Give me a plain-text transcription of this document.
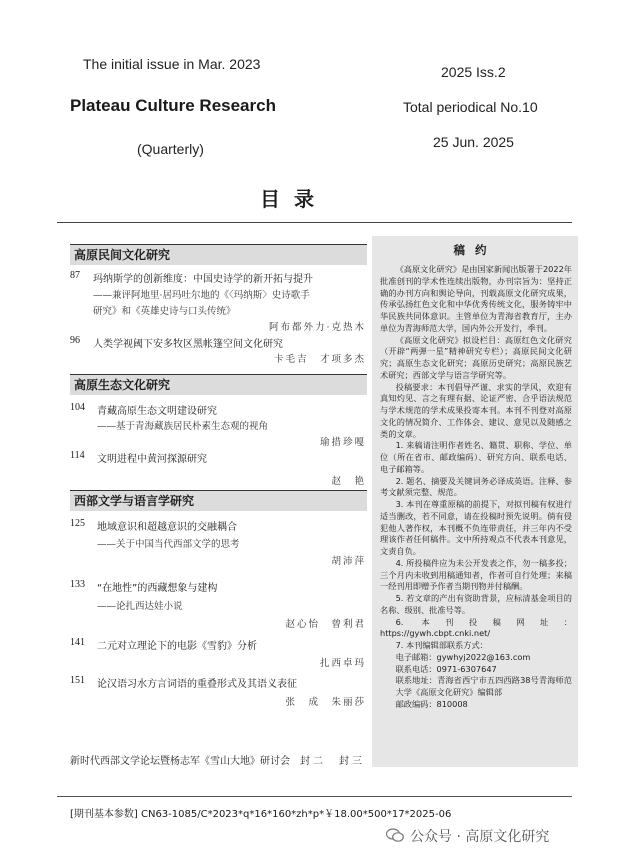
The initial issue in Mar. 2023
Plateau Culture Research
(Quarterly)
2025 Iss.2
Total periodical No.10
25 Jun. 2025
目录
高原民间文化研究
87 玛纳斯学的创新维度：中国史诗学的新开拓与提升
——兼评阿地里·居玛吐尔地的《〈玛纳斯〉史诗歌手
研究》和《英雄史诗与口头传统》
阿布都外力·克热木
96 人类学视阈下安多牧区黑帐篷空间文化研究
卡毛吉　才项多杰
高原生态文化研究
104 青藏高原生态文明建设研究
——基于青海藏族居民朴素生态观的视角
瑜措珍嘎
114 文明进程中黄河探源研究
赵　艳
西部文学与语言学研究
125 地域意识和超越意识的交融耦合
——关于中国当代西部文学的思考
胡沛萍
133 “在地性”的西藏想象与建构
——论扎西达娃小说
赵心怡　曾利君
141 二元对立理论下的电影《雪豹》分析
扎西卓玛
151 论汉语习水方言词语的重叠形式及其语义表征
张　成　朱丽莎
新时代西部文学论坛暨杨志军《雪山大地》研讨会 封二　封三
稿约

《高原文化研究》是由国家新闻出版署于2022年批准创刊的学术性连续出版物，办刊宗旨为：坚持正确的办刊方向和舆论导向，刊载高原文化研究成果，传承弘扬红色文化和中华优秀传统文化，服务铸牢中华民族共同体意识。主管单位为青海省教育厅，主办单位为青海师范大学，国内外公开发行，季刊。

《高原文化研究》拟设栏目：高原红色文化研究（开辟“两弹一星”精神研究专栏）；高原民间文化研究；高原生态文化研究；高原历史研究；高原民族艺术研究；西部文学与语言学研究等。

投稿要求：本刊倡导严谨、求实的学风，欢迎有真知灼见、言之有理有据、论证严密、合乎语法规范与学术规范的学术成果投寄本刊。本刊不刊登对高原文化的情况简介、工作体会、建议、意见以及随感之类的文章。

1. 来稿请注明作者姓名、籍贯、职称、学位、单位（所在省市、邮政编码）、研究方向、联系电话、电子邮箱等。

2. 题名、摘要及关键词务必译成英语。注释、参考文献须完整、规范。

3. 本刊在尊重原稿的前提下，对拟刊稿有权进行适当删改，若不同意，请在投稿时预先说明。倘有侵犯他人著作权，本刊概不负连带责任，并三年内不受理该作者任何稿件。文中所持观点不代表本刊意见，文责自负。

4. 所投稿件应为未公开发表之作，勿一稿多投；三个月内未收到用稿通知者，作者可自行处理；来稿一经刊用即赠予作者当期刊物并付稿酬。

5. 若文章的产出有资助背景，应标清基金项目的名称、级别、批准号等。

6. 本刊投稿网址：https://gywh.cbpt.cnki.net/

7. 本刊编辑部联系方式：

电子邮箱：gywhyj2022@163.com

联系电话：0971-6307647

联系地址：青海省西宁市五四西路38号青海师范大学《高原文化研究》编辑部

邮政编码：810008

[期刊基本参数] CN63-1085/C*2023*q*16*160*zh*p*￥18.00*500*17*2025-06
公众号 · 高原文化研究
